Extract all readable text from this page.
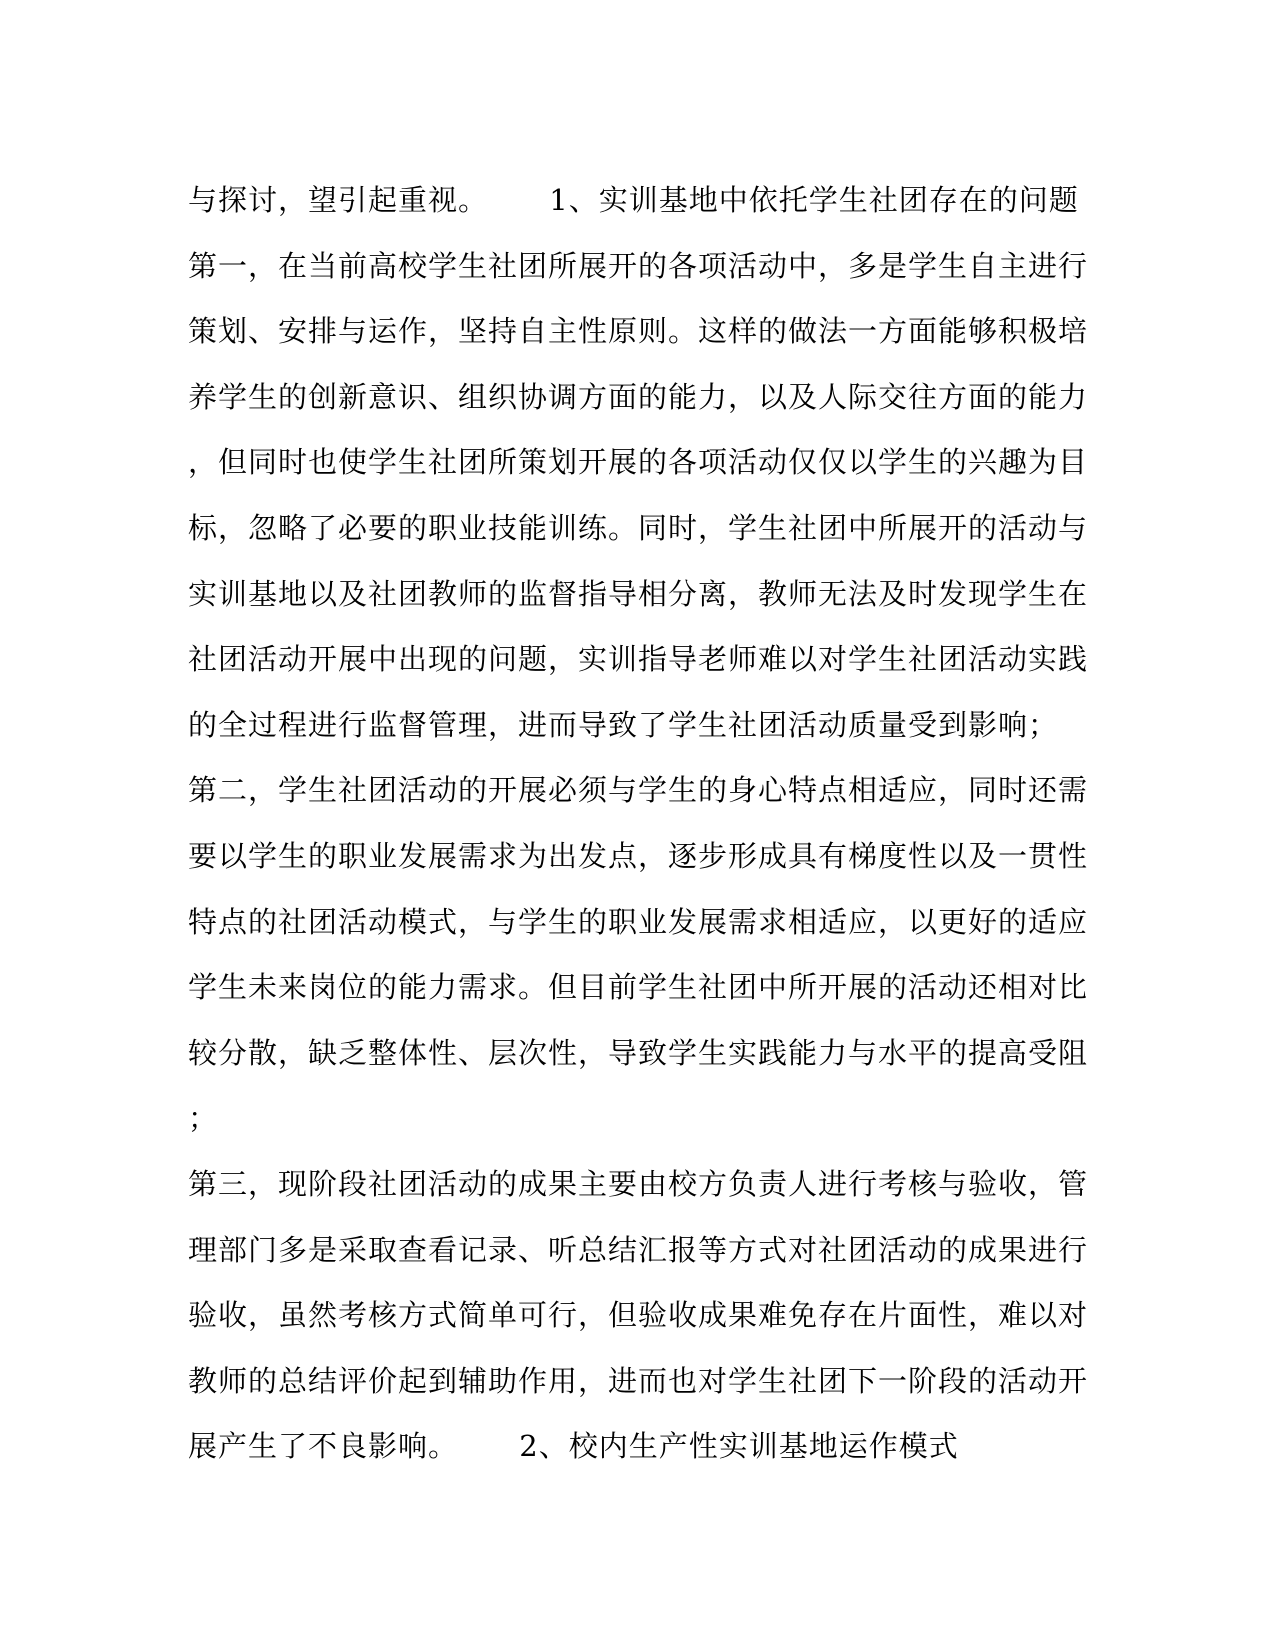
与探讨，望引起重视。      1、实训基地中依托学生社团存在的问题
第一，在当前高校学生社团所展开的各项活动中，多是学生自主进行
策划、安排与运作，坚持自主性原则。这样的做法一方面能够积极培
养学生的创新意识、组织协调方面的能力，以及人际交往方面的能力
，但同时也使学生社团所策划开展的各项活动仅仅以学生的兴趣为目
标，忽略了必要的职业技能训练。同时，学生社团中所展开的活动与
实训基地以及社团教师的监督指导相分离，教师无法及时发现学生在
社团活动开展中出现的问题，实训指导老师难以对学生社团活动实践
的全过程进行监督管理，进而导致了学生社团活动质量受到影响；
第二，学生社团活动的开展必须与学生的身心特点相适应，同时还需
要以学生的职业发展需求为出发点，逐步形成具有梯度性以及一贯性
特点的社团活动模式，与学生的职业发展需求相适应，以更好的适应
学生未来岗位的能力需求。但目前学生社团中所开展的活动还相对比
较分散，缺乏整体性、层次性，导致学生实践能力与水平的提高受阻
；
第三，现阶段社团活动的成果主要由校方负责人进行考核与验收，管
理部门多是采取查看记录、听总结汇报等方式对社团活动的成果进行
验收，虽然考核方式简单可行，但验收成果难免存在片面性，难以对
教师的总结评价起到辅助作用，进而也对学生社团下一阶段的活动开
展产生了不良影响。      2、校内生产性实训基地运作模式
